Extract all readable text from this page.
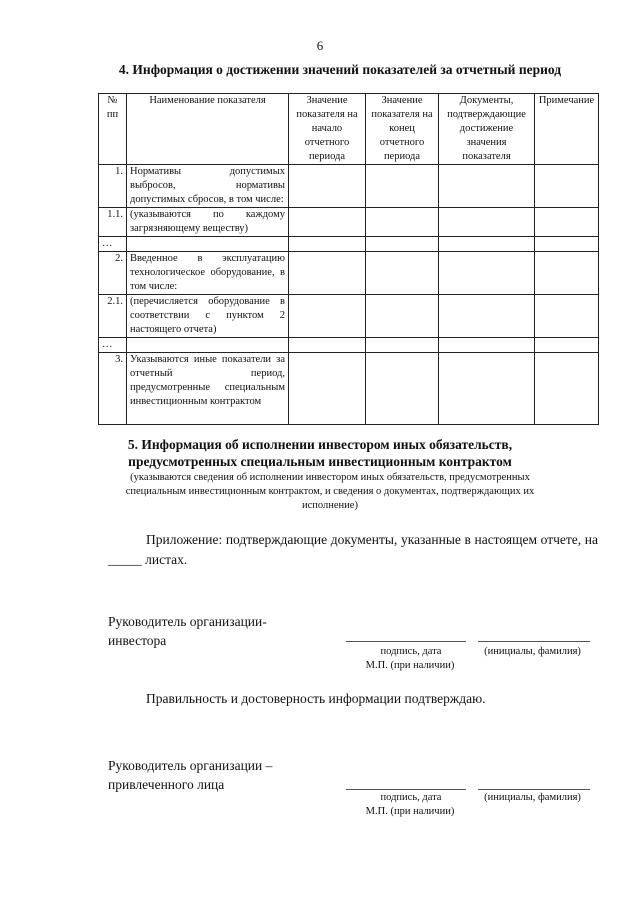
6
4. Информация о достижении значений показателей за отчетный период
№ пп	Наименование показателя	Значение показателя на начало отчетного периода	Значение показателя на конец отчетного периода	Документы, подтверждающие достижение значения показателя	Примечание
1.	Нормативы допустимых выбросов, нормативы допустимых сбросов, в том числе:				
1.1.	(указываются по каждому загрязняющему веществу)				
…					
2.	Введенное в эксплуатацию технологическое оборудование, в том числе:				
2.1.	(перечисляется оборудование в соответствии с пунктом 2 настоящего отчета)				
…					
3.	Указываются иные показатели за отчетный период, предусмотренные специальным инвестиционным контрактом				
5. Информация об исполнении инвестором иных обязательств, предусмотренных специальным инвестиционным контрактом
(указываются сведения об исполнении инвестором иных обязательств, предусмотренных специальным инвестиционным контрактом, и сведения о документах, подтверждающих их исполнение)
Приложение: подтверждающие документы, указанные в настоящем отчете, на _____ листах.
Руководитель организации-
инвестора
подпись, дата	(инициалы, фамилия)
М.П. (при наличии)
Правильность и достоверность информации подтверждаю.
Руководитель организации –
привлеченного лица
подпись, дата	(инициалы, фамилия)
М.П. (при наличии)
